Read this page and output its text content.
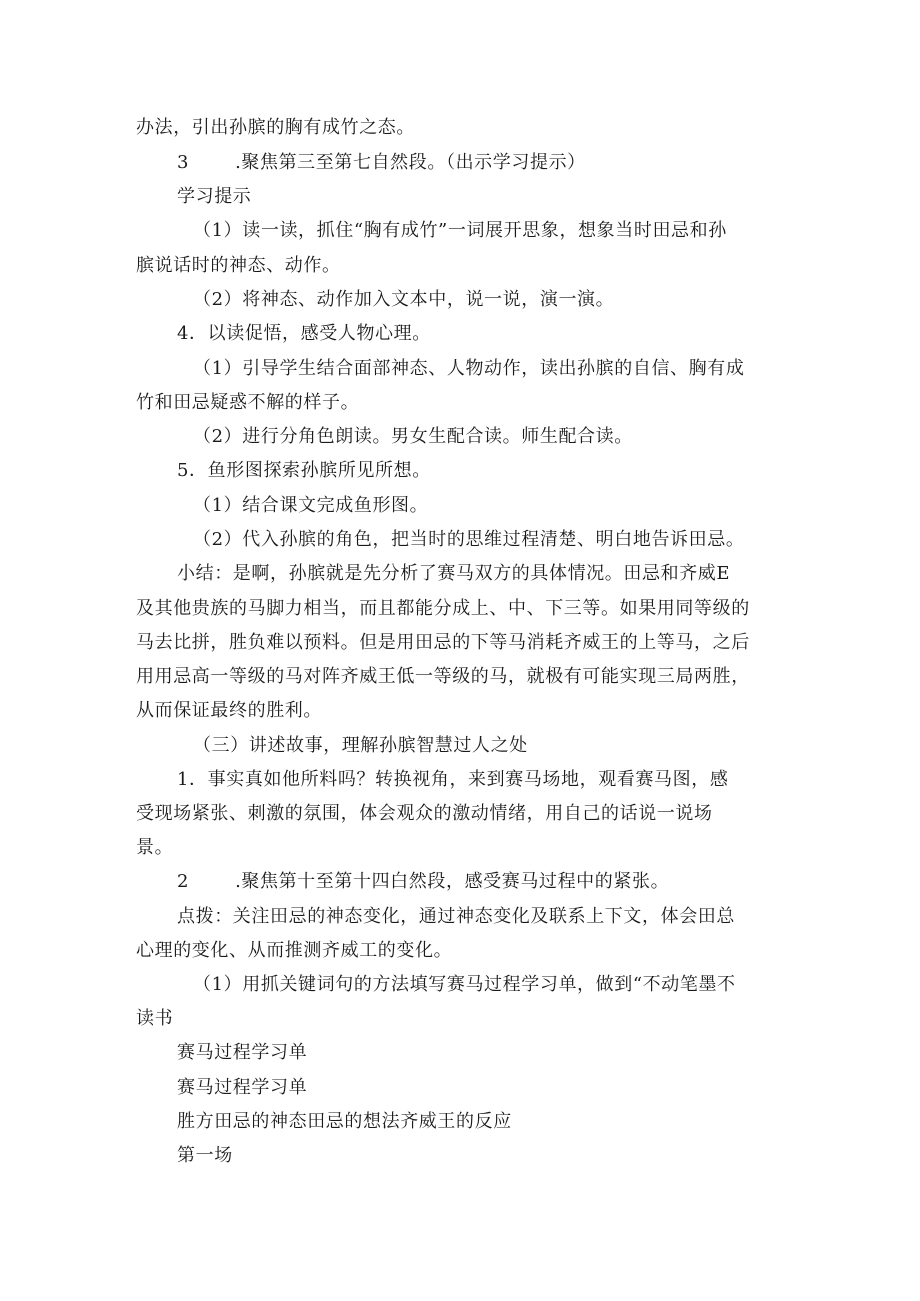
办法，引出孙膑的胸有成竹之态。
3	.聚焦第三至第七自然段。（出示学习提示）
学习提示
（1）读一读，抓住“胸有成竹”一词展开思象，想象当时田忌和孙
膑说话时的神态、动作。
（2）将神态、动作加入文本中，说一说，演一演。
4．以读促悟，感受人物心理。
（1）引导学生结合面部神态、人物动作，读出孙膑的自信、胸有成
竹和田忌疑惑不解的样子。
（2）进行分角色朗读。男女生配合读。师生配合读。
5．鱼形图探索孙膑所见所想。
（1）结合课文完成鱼形图。
（2）代入孙膑的角色，把当时的思维过程清楚、明白地告诉田忌。
小结：是啊，孙膑就是先分析了赛马双方的具体情况。田忌和齐威E
及其他贵族的马脚力相当，而且都能分成上、中、下三等。如果用同等级的
马去比拼，胜负难以预料。但是用田忌的下等马消耗齐威王的上等马，之后
用用忌高一等级的马对阵齐威王低一等级的马，就极有可能实现三局两胜，
从而保证最终的胜利。
（三）讲述故事，理解孙膑智慧过人之处
1．事实真如他所料吗？转换视角，来到赛马场地，观看赛马图，感
受现场紧张、刺激的氛围，体会观众的激动情绪，用自己的话说一说场
景。
2	.聚焦第十至第十四白然段，感受赛马过程中的紧张。
点拨：关注田忌的神态变化，通过神态变化及联系上下文，体会田总
心理的变化、从而推测齐威工的变化。
（1）用抓关键词句的方法填写赛马过程学习单，做到“不动笔墨不
读书
赛马过程学习单
赛马过程学习单
胜方田忌的神态田忌的想法齐威王的反应
第一场
